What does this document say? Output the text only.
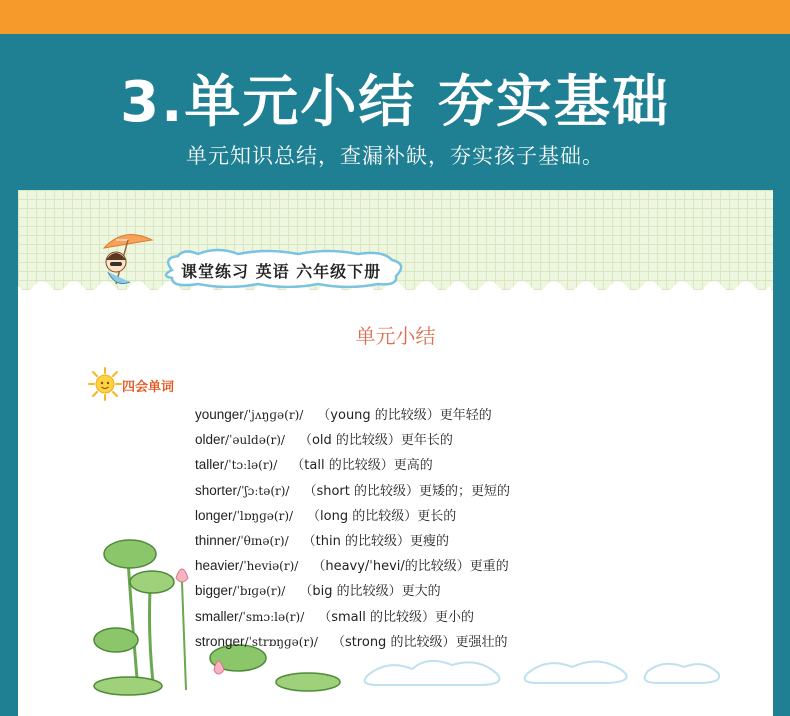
3.单元小结 夯实基础
单元知识总结，查漏补缺，夯实孩子基础。
课堂练习 英语 六年级下册
单元小结
四会单词
younger/ˈjʌŋɡə(r)/ （young 的比较级）更年轻的
older/ˈəuldə(r)/ （old 的比较级）更年长的
taller/ˈtɔːlə(r)/ （tall 的比较级）更高的
shorter/ˈʃɔːtə(r)/ （short 的比较级）更矮的；更短的
longer/ˈlɒŋɡə(r)/ （long 的比较级）更长的
thinner/ˈθɪnə(r)/ （thin 的比较级）更瘦的
heavier/ˈheviə(r)/ （heavy/ˈhevi/的比较级）更重的
bigger/ˈbɪɡə(r)/ （big 的比较级）更大的
smaller/ˈsmɔːlə(r)/ （small 的比较级）更小的
stronger/ˈstrɒŋɡə(r)/ （strong 的比较级）更强壮的
